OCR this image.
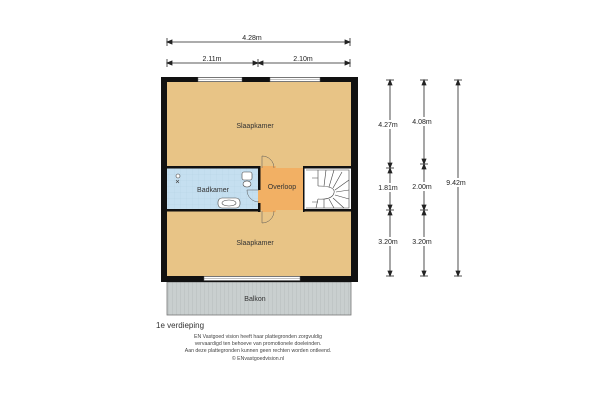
4.28m
2.11m	2.10m
Slaapkamer
Badkamer	Overloop
Slaapkamer
Balkon
4.27m
1.81m
3.20m
4.08m
2.00m
3.20m
9.42m
1e verdieping
EN Vastgoed vision heeft haar plattegronden zorgvuldig
vervaardigd ten behoeve van promotionele doeleinden.
Aan deze plattegronden kunnen geen rechten worden ontleend.
© ENvastgoedvision.nl
